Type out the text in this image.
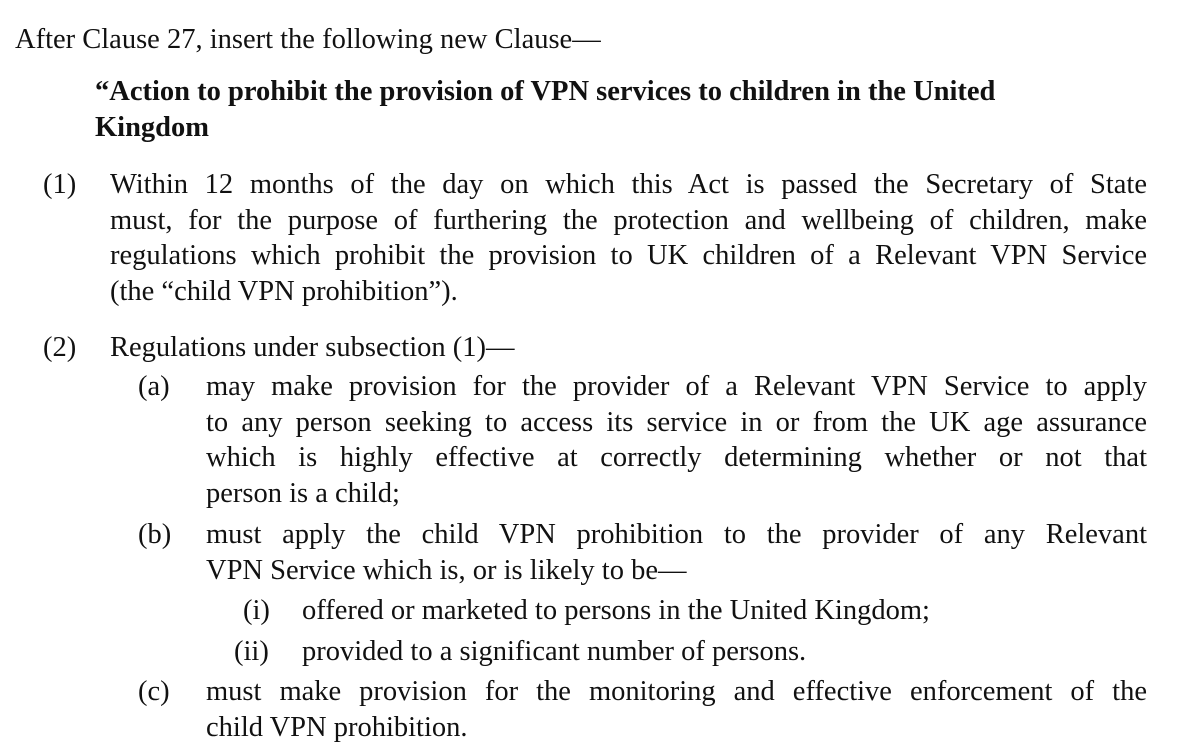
After Clause 27, insert the following new Clause—
“Action to prohibit the provision of VPN services to children in the United
Kingdom
(1) Within 12 months of the day on which this Act is passed the Secretary of State
must, for the purpose of furthering the protection and wellbeing of children, make
regulations which prohibit the provision to UK children of a Relevant VPN Service
(the “child VPN prohibition”).
(2) Regulations under subsection (1)—
(a) may make provision for the provider of a Relevant VPN Service to apply
to any person seeking to access its service in or from the UK age assurance
which is highly effective at correctly determining whether or not that
person is a child;
(b) must apply the child VPN prohibition to the provider of any Relevant
VPN Service which is, or is likely to be—
(i) offered or marketed to persons in the United Kingdom;
(ii) provided to a significant number of persons.
(c) must make provision for the monitoring and effective enforcement of the
child VPN prohibition.
